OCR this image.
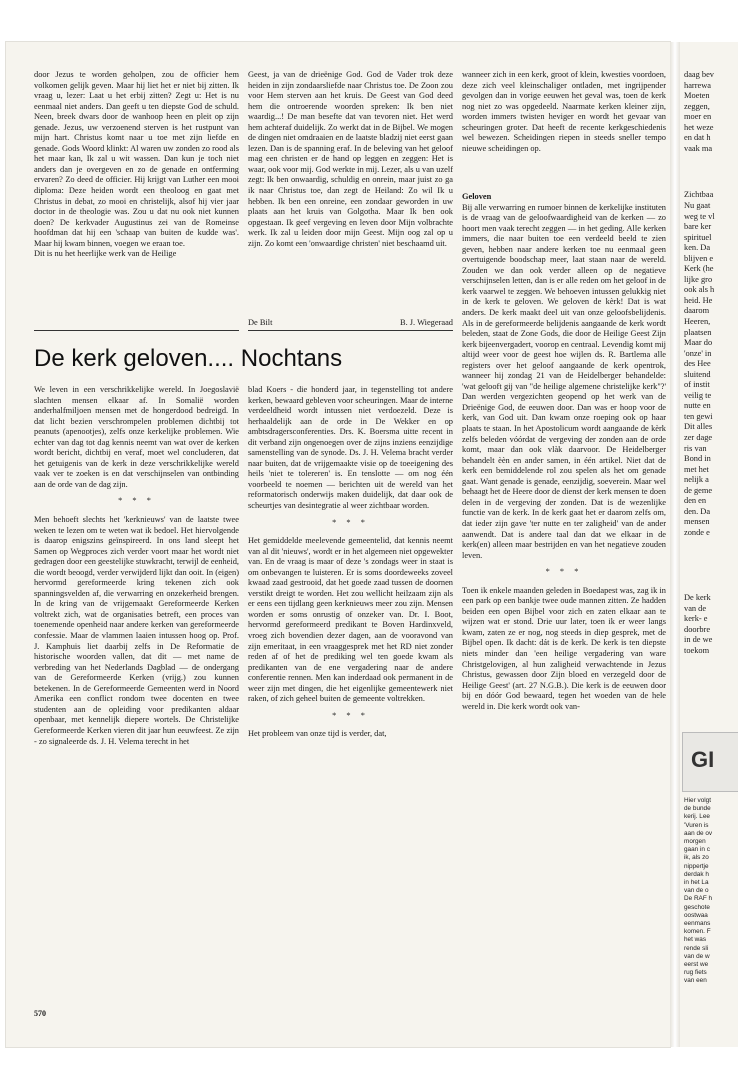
daag bev
harrewa
Moeten
zeggen,
moer en
het weze
en dat h
vaak ma
Zichtbaa
Nu gaat
weg te vl
bare ker
spirituel
ken. Da
blijven e
Kerk (he
lijke gro
ook als h
heid. He
daarom
Heeren,
plaatsen
Maar do
'onze' in
des Hee
sluitend
of instit
veilig te
nutte en
ten gewi
Dit alles
zer dage
ris van
Bond in
met het
nelijk a
de geme
den en
den. Da
mensen
zonde e
De kerk
van de
kerk- e
doorbre
in de we
toekom
GI
Hier volgt
de bunde
kerij. Lee
'Vuren is
aan de ov
morgen
gaan in c
ik, als zo
nippertje
derdak h
in het La
van de o
De RAF h
geschote
oostwaa
eenmans
komen. F
het was
rende sli
van de w
eerst we
rug fiets
van een

door Jezus te worden geholpen, zou de officier hem volkomen gelijk geven. Maar hij liet het er niet bij zitten. Ik vraag u, lezer: Laat u het erbij zitten? Zegt u: Het is nu eenmaal niet anders. Dan geeft u ten diepste God de schuld. Neen, breek dwars door de wanhoop heen en pleit op zijn genade. Jezus, uw verzoenend sterven is het rustpunt van mijn hart. Christus komt naar u toe met zijn liefde en genade. Gods Woord klinkt: Al waren uw zonden zo rood als het maar kan, Ik zal u wit wassen. Dan kun je toch niet anders dan je overgeven en zo de genade en ontferming ervaren? Zo deed de officier. Hij krijgt van Luther een mooi diploma: Deze heiden wordt een theoloog en gaat met Christus in debat, zo mooi en christelijk, alsof hij vier jaar doctor in de theologie was. Zou u dat nu ook niet kunnen doen? De kerkvader Augustinus zei van de Romeinse hoofdman dat hij een 'schaap van buiten de kudde was'. Maar hij kwam binnen, voegen we eraan toe.

Dit is nu het heerlijke werk van de Heilige

Geest, ja van de drieënige God. God de Vader trok deze heiden in zijn zondaarsliefde naar Christus toe. De Zoon zou voor Hem sterven aan het kruis. De Geest van God deed hem die ontroerende woorden spreken: Ik ben niet waardig...! De man besefte dat van tevoren niet. Het werd hem achteraf duidelijk. Zo werkt dat in de Bijbel. We mogen de dingen niet omdraaien en de laatste bladzij niet eerst gaan lezen. Dan is de spanning eraf. In de beleving van het geloof mag een christen er de hand op leggen en zeggen: Het is waar, ook voor mij. God werkte in mij. Lezer, als u van uzelf zegt: Ik ben onwaardig, schuldig en onrein, maar juist zo ga ik naar Christus toe, dan zegt de Heiland: Zo wil Ik u hebben. Ik ben een onreine, een zondaar geworden in uw plaats aan het kruis van Golgotha. Maar Ik ben ook opgestaan. Ik geef vergeving en leven door Mijn volbrachte werk. Ik zal u leiden door mijn Geest. Mijn oog zal op u zijn. Zo komt een 'onwaardige christen' niet beschaamd uit.

De Bilt	B. J. Wiegeraad

wanneer zich in een kerk, groot of klein, kwesties voordoen, deze zich veel kleinschaliger ontladen, met ingrijpender gevolgen dan in vorige eeuwen het geval was, toen de kerk nog niet zo was opgedeeld. Naarmate kerken kleiner zijn, worden immers twisten heviger en wordt het gevaar van scheuringen groter. Dat heeft de recente kerkgeschiedenis wel bewezen. Scheidingen riepen in steeds sneller tempo nieuwe scheidingen op.

De kerk geloven.... Nochtans

We leven in een verschrikkelijke wereld. In Joegoslavië slachten mensen elkaar af. In Somalië worden anderhalfmiljoen mensen met de hongerdood bedreigd. In dat licht bezien verschrompelen problemen dichtbij tot peanuts (apenootjes), zelfs onze kerkelijke problemen. Wie echter van dag tot dag kennis neemt van wat over de kerken wordt bericht, dichtbij en veraf, moet wel concluderen, dat het getuigenis van de kerk in deze verschrikkelijke wereld vaak ver te zoeken is en dat verschijnselen van ontbinding aan de orde van de dag zijn.

* * *

Men behoeft slechts het 'kerknieuws' van de laatste twee weken te lezen om te weten wat ik bedoel. Het hiervolgende is daarop enigszins geïnspireerd. In ons land sleept het Samen op Wegproces zich verder voort maar het wordt niet gedragen door een geestelijke stuwkracht, terwijl de eenheid, die wordt beoogd, verder verwijderd lijkt dan ooit. In (eigen) hervormd gereformeerde kring tekenen zich ook spanningsvelden af, die verwarring en onzekerheid brengen. In de kring van de vrijgemaakt Gereformeerde Kerken voltrekt zich, wat de organisaties betreft, een proces van toenemende openheid naar andere kerken van gereformeerde confessie. Maar de vlammen laaien intussen hoog op. Prof. J. Kamphuis liet daarbij zelfs in De Reformatie de historische woorden vallen, dat dit — met name de verbreding van het Nederlands Dagblad — de ondergang van de Gereformeerde Kerken (vrijg.) zou kunnen betekenen. In de Gereformeerde Gemeenten werd in Noord Amerika een conflict rondom twee docenten en twee studenten aan de opleiding voor predikanten aldaar openbaar, met kennelijk diepere wortels. De Christelijke Gereformeerde Kerken vieren dit jaar hun eeuwfeest. Ze zijn - zo signaleerde ds. J. H. Velema terecht in het

blad Koers - die honderd jaar, in tegenstelling tot andere kerken, bewaard gebleven voor scheuringen. Maar de interne verdeeldheid wordt intussen niet verdoezeld. Deze is herhaaldelijk aan de orde in De Wekker en op ambtsdragersconferenties. Drs. K. Boersma uitte recent in dit verband zijn ongenoegen over de zijns inziens eenzijdige samenstelling van de synode. Ds. J. H. Velema bracht verder naar buiten, dat de vrijgemaakte visie op de toeeigening des heils 'niet te tolereren' is. En tenslotte — om nog één voorbeeld te noemen — berichten uit de wereld van het reformatorisch onderwijs maken duidelijk, dat daar ook de scheurtjes van desintegratie al weer zichtbaar worden.

* * *

Het gemiddelde meelevende gemeentelid, dat kennis neemt van al dit 'nieuws', wordt er in het algemeen niet opgewekter van. En de vraag is maar of deze 's zondags weer in staat is om onbevangen te luisteren. Er is soms doordeweeks zoveel kwaad zaad gestrooid, dat het goede zaad tussen de doornen verstikt dreigt te worden. Het zou wellicht heilzaam zijn als er eens een tijdlang geen kerknieuws meer zou zijn. Mensen worden er soms onrustig of onzeker van. Dr. I. Boot, hervormd gereformeerd predikant te Boven Hardinxveld, vroeg zich bovendien dezer dagen, aan de vooravond van zijn emeritaat, in een vraaggesprek met het RD niet zonder reden af of het de prediking wel ten goede kwam als predikanten van de ene vergadering naar de andere conferentie rennen. Men kan inderdaad ook permanent in de weer zijn met dingen, die het eigenlijke gemeentewerk niet raken, of zich geheel buiten de gemeente voltrekken.

* * *

Het probleem van onze tijd is verder, dat,

Geloven

Bij alle verwarring en rumoer binnen de kerkelijke instituten is de vraag van de geloofwaardigheid van de kerken — zo hoort men vaak terecht zeggen — in het geding. Alle kerken immers, die naar buiten toe een verdeeld beeld te zien geven, hebben naar andere kerken toe nu eenmaal geen overtuigende boodschap meer, laat staan naar de wereld. Zouden we dan ook verder alleen op de negatieve verschijnselen letten, dan is er alle reden om het geloof in de kerk vaarwel te zeggen. We behoeven intussen gelukkig niet in de kerk te geloven. We geloven de kèrk! Dat is wat anders. De kerk maakt deel uit van onze geloofsbelijdenis. Als in de gereformeerde belijdenis aangaande de kerk wordt beleden, staat de Zone Gods, die door de Heilige Geest Zijn kerk bijeenvergadert, voorop en centraal. Levendig komt mij altijd weer voor de geest hoe wijlen ds. R. Bartlema alle registers over het geloof aangaande de kerk opentrok, wanneer hij zondag 21 van de Heidelberger behandelde: 'wat gelooft gij van "de heilige algemene christelijke kerk"?' Dan werden vergezichten geopend op het werk van de Drieënige God, de eeuwen door. Dan was er hoop voor de kerk, van God uit. Dan kwam onze roeping ook op haar plaats te staan. In het Apostolicum wordt aangaande de kèrk zelfs beleden vóórdat de vergeving der zonden aan de orde komt, maar dan ook vlàk daarvoor. De Heidelberger behandelt èèn en ander samen, in één artikel. Niet dat de kerk een bemiddelende rol zou spelen als het om genade gaat. Want genade is genade, eenzijdig, soeverein. Maar wel behaagt het de Heere door de dienst der kerk mensen te doen delen in de vergeving der zonden. Dat is de wezenlijke functie van de kerk. In de kerk gaat het er daarom zelfs om, dat ieder zijn gave 'ter nutte en ter zaligheid' van de ander aanwendt. Dat is andere taal dan dat we elkaar in de kerk(en) alleen maar bestrijden en van het negatieve zouden leven.

* * *

Toen ik enkele maanden geleden in Boedapest was, zag ik in een park op een bankje twee oude mannen zitten. Ze hadden beiden een open Bijbel voor zich en zaten elkaar aan te wijzen wat er stond. Drie uur later, toen ik er weer langs kwam, zaten ze er nog, nog steeds in diep gesprek, met de Bijbel open. Ik dacht: dát is de kerk. De kerk is ten diepste niets minder dan 'een heilige vergadering van ware Christgelovigen, al hun zaligheid verwachtende in Jezus Christus, gewassen door Zijn bloed en verzegeld door de Heilige Geest' (art. 27 N.G.B.). Die kerk is de eeuwen door bij en dóór God bewaard, tegen het woeden van de hele wereld in. Die kerk wordt ook van-

570
